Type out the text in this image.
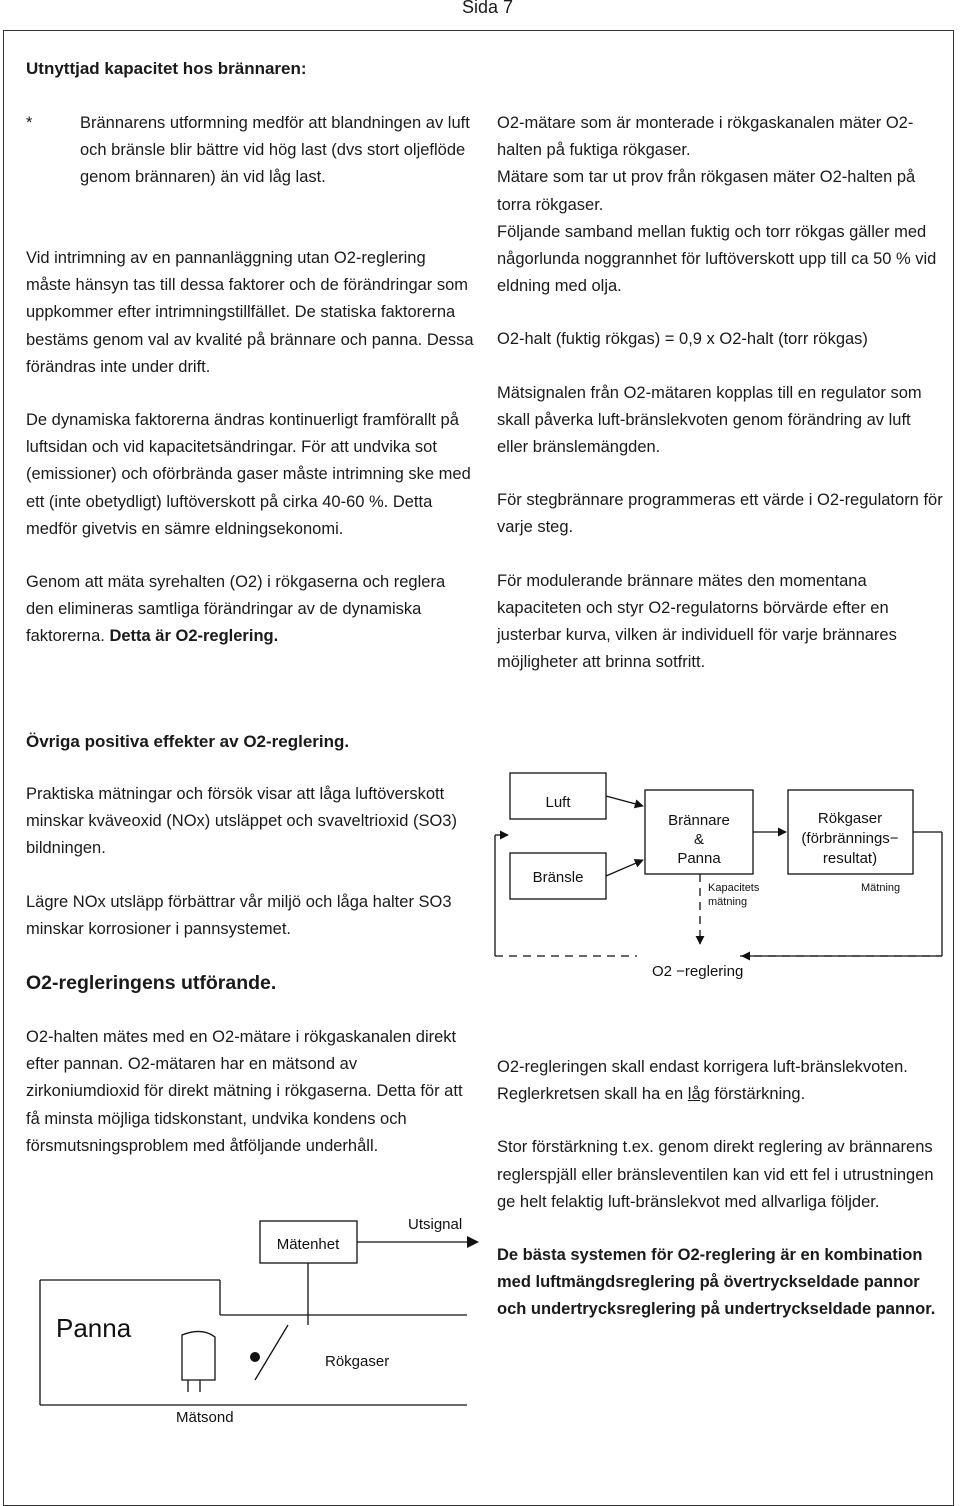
Sida 7
Utnyttjad kapacitet hos brännaren:
*	Brännarens utformning medför att blandningen av luft och bränsle blir bättre vid hög last (dvs stort oljeflöde genom brännaren) än vid låg last.

Vid intrimning av en pannanläggning utan O2-reglering måste hänsyn tas till dessa faktorer och de förändringar som uppkommer efter intrimningstillfället. De statiska faktorerna bestäms genom val av kvalité på brännare och panna. Dessa förändras inte under drift.

De dynamiska faktorerna ändras kontinuerligt framförallt på luftsidan och vid kapacitetsändringar. För att undvika sot (emissioner) och oförbrända gaser måste intrimning ske med ett (inte obetydligt) luftöverskott på cirka 40-60 %. Detta medför givetvis en sämre eldningsekonomi.

Genom att mäta syrehalten (O2) i rökgaserna och reglera den elimineras samtliga förändringar av de dynamiska faktorerna. Detta är O2-reglering.

O2-mätare som är monterade i rökgaskanalen mäter O2-halten på fuktiga rökgaser.

Mätare som tar ut prov från rökgasen mäter O2-halten på torra rökgaser.

Följande samband mellan fuktig och torr rökgas gäller med någorlunda noggrannhet för luftöverskott upp till ca 50 % vid eldning med olja.

O2-halt (fuktig rökgas) = 0,9 x O2-halt (torr rökgas)

Mätsignalen från O2-mätaren kopplas till en regulator som skall påverka luft-bränslekvoten genom förändring av luft eller bränslemängden.

För stegbrännare programmeras ett värde i O2-regulatorn för varje steg.

För modulerande brännare mätes den momentana kapaciteten och styr O2-regulatorns börvärde efter en justerbar kurva, vilken är individuell för varje brännares möjligheter att brinna sotfritt.

Övriga positiva effekter av O2-reglering.

Praktiska mätningar och försök visar att låga luftöverskott minskar kväveoxid (NOx) utsläppet och svaveltrioxid (SO3) bildningen.

Lägre NOx utsläpp förbättrar vår miljö och låga halter SO3 minskar korrosioner i pannsystemet.

O2-regleringens utförande.

O2-halten mätes med en O2-mätare i rökgaskanalen direkt efter pannan. O2-mätaren har en mätsond av zirkoniumdioxid för direkt mätning i rökgaserna. Detta för att få minsta möjliga tidskonstant, undvika kondens och försmutsningsproblem med åtföljande underhåll.

O2-regleringen skall endast korrigera luft-bränslekvoten. Reglerkretsen skall ha en låg förstärkning.

Stor förstärkning t.ex. genom direkt reglering av brännarens reglerspjäll eller bränsleventilen kan vid ett fel i utrustningen ge helt felaktig luft-bränslekvot med allvarliga följder.

De bästa systemen för O2-reglering är en kombination med luftmängdsreglering på övertryckseldade pannor och undertrycksreglering på undertryckseldade pannor.

Luft
Bränsle
Brännare
&
Panna
Rökgaser
(förbrännings−
resultat)
Kapacitets
mätning
Mätning
O2 −reglering
Utsignal
Mätenhet
Panna
Rökgaser
Mätsond
